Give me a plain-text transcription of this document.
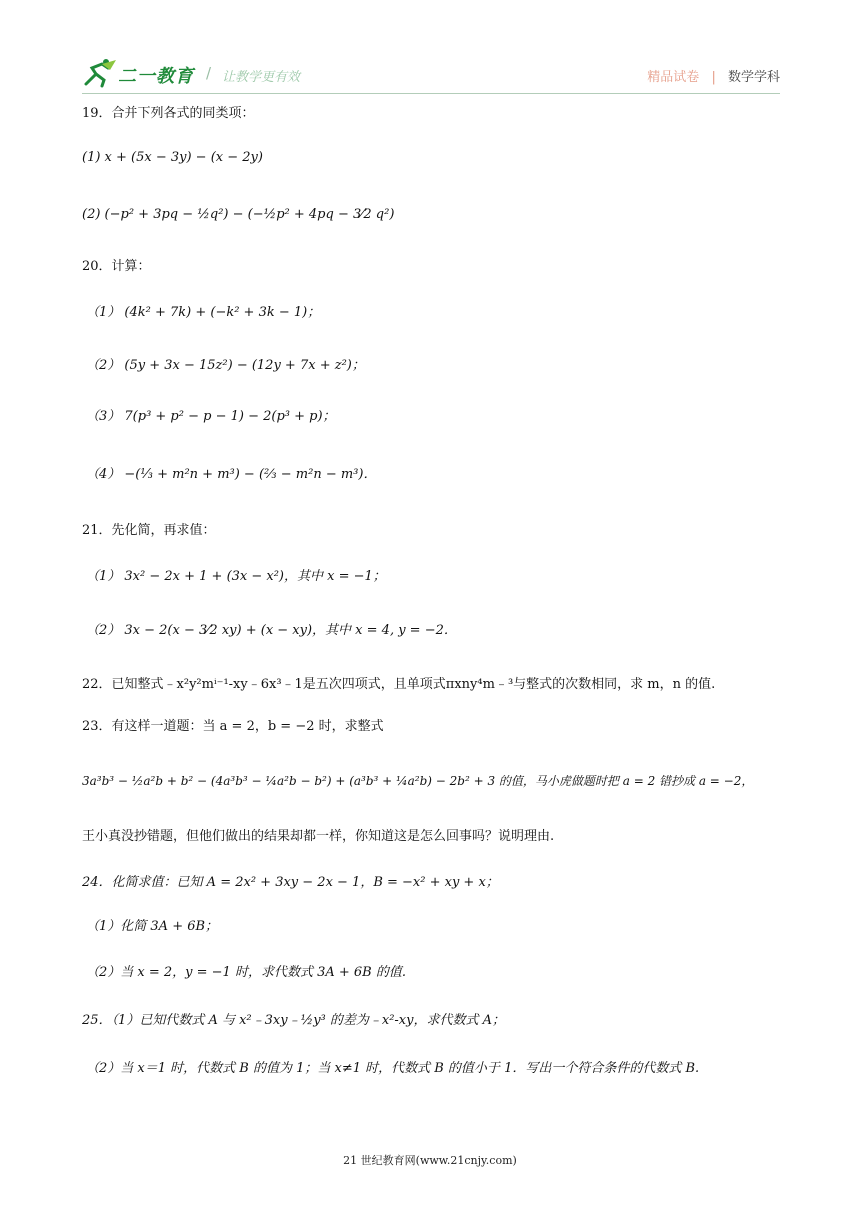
二一教育 / 让教学更有效	精品试卷 | 数学学科
19．合并下列各式的同类项：
(1) x + (5x − 3y) − (x − 2y)
(2) (−p² + 3pq − ½q²) − (−½p² + 4pq − 3⁄2 q²)
20．计算：
（1） (4k² + 7k) + (−k² + 3k − 1)；
（2） (5y + 3x − 15z²) − (12y + 7x + z²)；
（3） 7(p³ + p² − p − 1) − 2(p³ + p)；
（4） −(⅓ + m²n + m³) − (⅔ − m²n − m³)．
21．先化简，再求值：
（1） 3x² − 2x + 1 + (3x − x²)，其中 x = −1；
（2） 3x − 2(x − 3⁄2 xy) + (x − xy)，其中 x = 4, y = −2．
22．已知整式﹣x²y²mⁱ⁻¹-xy﹣6x³﹣1是五次四项式，且单项式πxny⁴m﹣³与整式的次数相同，求 m，n 的值.
23．有这样一道题：当 a = 2，b = −2 时，求整式
3a³b³ − ½a²b + b² − (4a³b³ − ¼a²b − b²) + (a³b³ + ¼a²b) − 2b² + 3 的值，马小虎做题时把 a = 2 错抄成 a = −2，
王小真没抄错题，但他们做出的结果却都一样，你知道这是怎么回事吗？说明理由.
24．化简求值：已知 A = 2x² + 3xy − 2x − 1，B = −x² + xy + x；
（1）化简 3A + 6B；
（2）当 x = 2，y = −1 时，求代数式 3A + 6B 的值.
25．（1）已知代数式 A 与 x²﹣3xy﹣½y³ 的差为﹣x²-xy，求代数式 A；
（2）当 x＝1 时，代数式 B 的值为 1；当 x≠1 时，代数式 B 的值小于 1．写出一个符合条件的代数式 B.
21 世纪教育网(www.21cnjy.com)
